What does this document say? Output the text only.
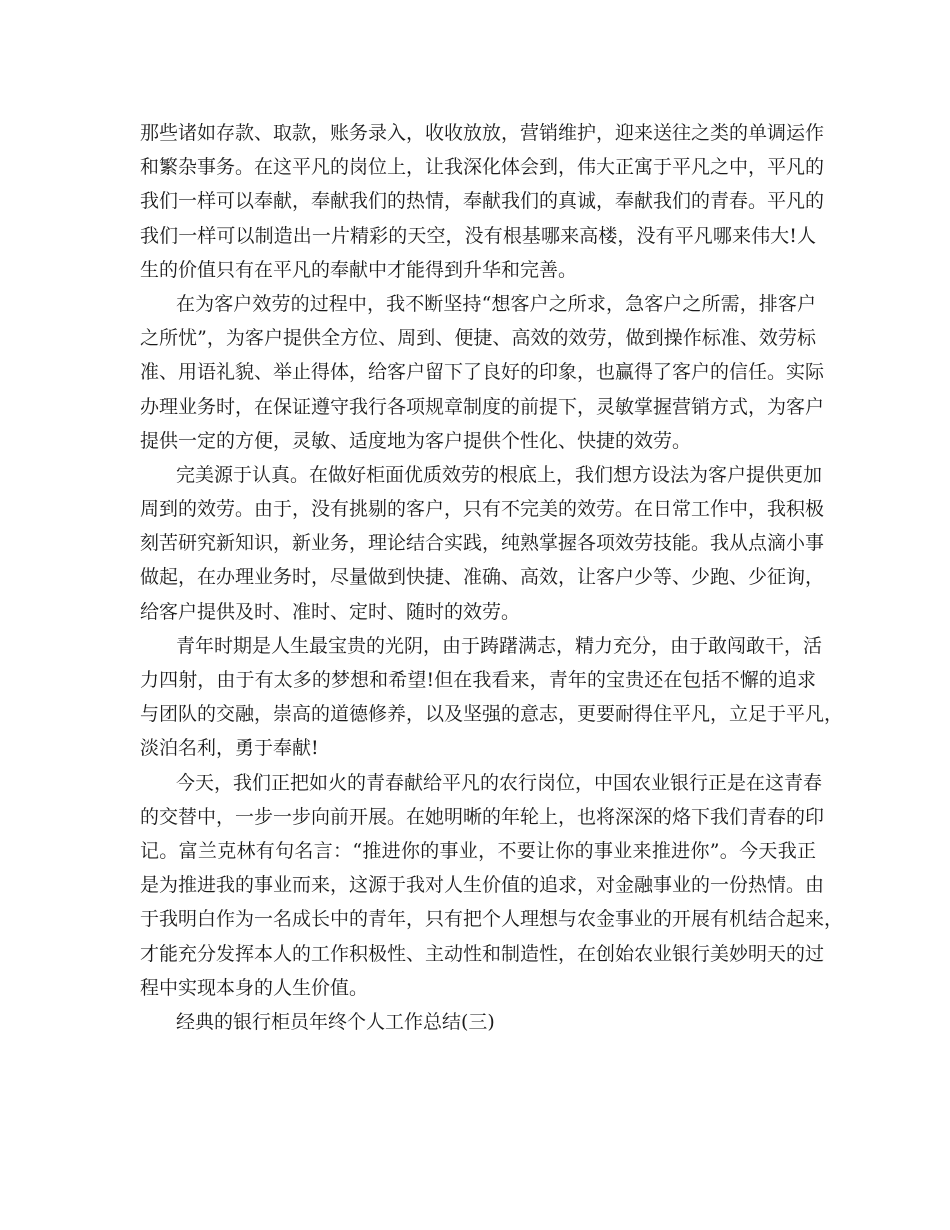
那些诸如存款、取款，账务录入，收收放放，营销维护，迎来送往之类的单调运作
和繁杂事务。在这平凡的岗位上，让我深化体会到，伟大正寓于平凡之中，平凡的
我们一样可以奉献，奉献我们的热情，奉献我们的真诚，奉献我们的青春。平凡的
我们一样可以制造出一片精彩的天空，没有根基哪来高楼，没有平凡哪来伟大!人
生的价值只有在平凡的奉献中才能得到升华和完善。
在为客户效劳的过程中，我不断坚持“想客户之所求，急客户之所需，排客户
之所忧”，为客户提供全方位、周到、便捷、高效的效劳，做到操作标准、效劳标
准、用语礼貌、举止得体，给客户留下了良好的印象，也赢得了客户的信任。实际
办理业务时，在保证遵守我行各项规章制度的前提下，灵敏掌握营销方式，为客户
提供一定的方便，灵敏、适度地为客户提供个性化、快捷的效劳。
完美源于认真。在做好柜面优质效劳的根底上，我们想方设法为客户提供更加
周到的效劳。由于，没有挑剔的客户，只有不完美的效劳。在日常工作中，我积极
刻苦研究新知识，新业务，理论结合实践，纯熟掌握各项效劳技能。我从点滴小事
做起，在办理业务时，尽量做到快捷、准确、高效，让客户少等、少跑、少征询，
给客户提供及时、准时、定时、随时的效劳。
青年时期是人生最宝贵的光阴，由于踌躇满志，精力充分，由于敢闯敢干，活
力四射，由于有太多的梦想和希望!但在我看来，青年的宝贵还在包括不懈的追求
与团队的交融，崇高的道德修养，以及坚强的意志，更要耐得住平凡，立足于平凡，
淡泊名利，勇于奉献!
今天，我们正把如火的青春献给平凡的农行岗位，中国农业银行正是在这青春
的交替中，一步一步向前开展。在她明晰的年轮上，也将深深的烙下我们青春的印
记。富兰克林有句名言：“推进你的事业，不要让你的事业来推进你”。今天我正
是为推进我的事业而来，这源于我对人生价值的追求，对金融事业的一份热情。由
于我明白作为一名成长中的青年，只有把个人理想与农金事业的开展有机结合起来，
才能充分发挥本人的工作积极性、主动性和制造性，在创始农业银行美妙明天的过
程中实现本身的人生价值。
经典的银行柜员年终个人工作总结(三)
